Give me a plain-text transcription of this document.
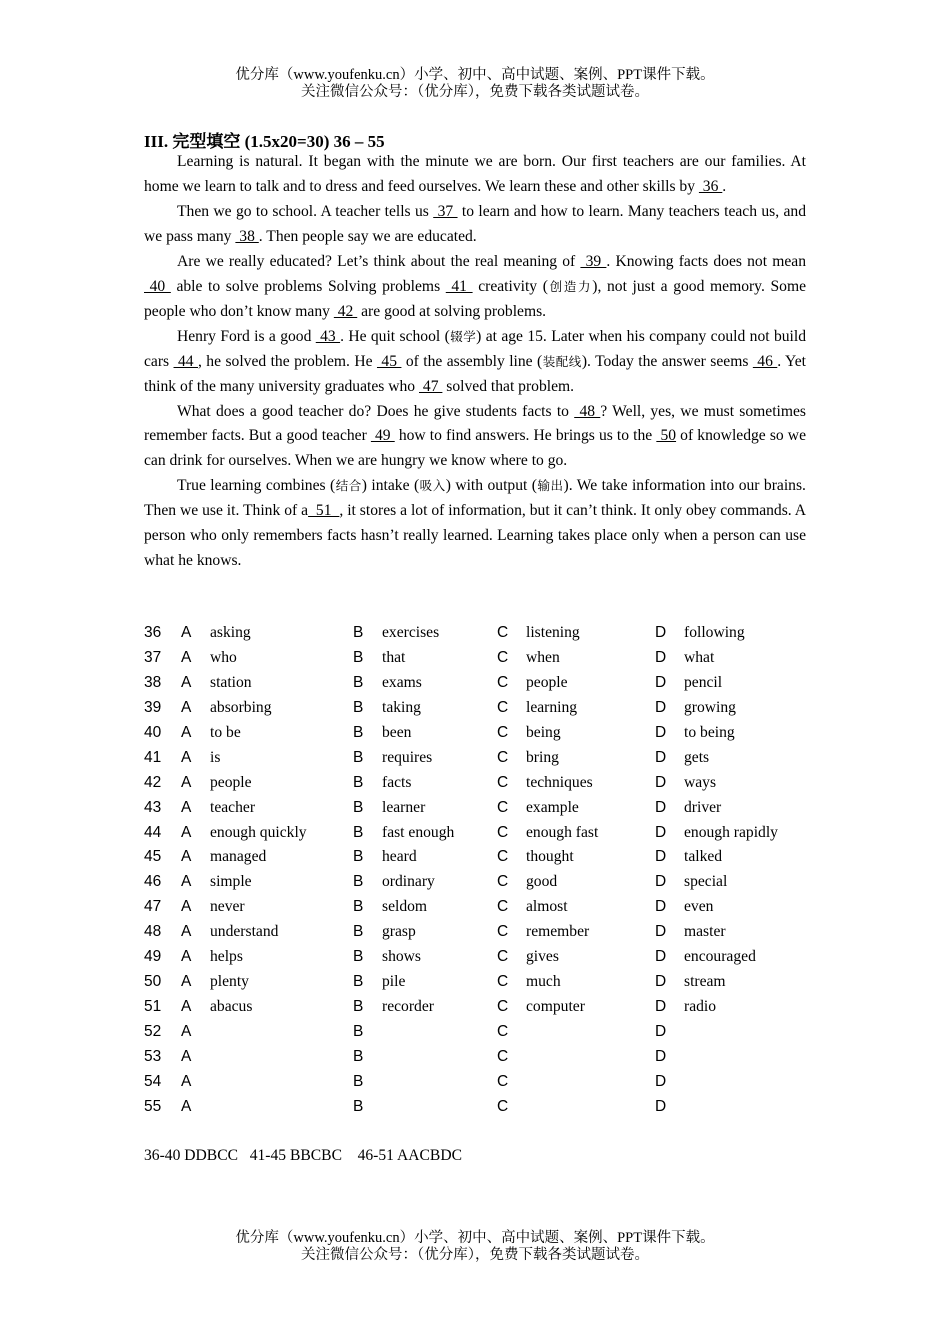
优分库（www.youfenku.cn）小学、初中、高中试题、案例、PPT课件下载。
关注微信公众号：（优分库），免费下载各类试题试卷。
III. 完型填空 (1.5x20=30) 36 – 55

Learning is natural. It began with the minute we are born. Our first teachers are our families. At home we learn to talk and to dress and feed ourselves. We learn these and other skills by  36 .

Then we go to school. A teacher tells us  37  to learn and how to learn. Many teachers teach us, and we pass many  38 . Then people say we are educated.

Are we really educated? Let’s think about the real meaning of  39 . Knowing facts does not mean  40  able to solve problems Solving problems  41  creativity (创造力), not just a good memory. Some people who don’t know many  42  are good at solving problems.

Henry Ford is a good  43 . He quit school (辍学) at age 15. Later when his company could not build cars  44 , he solved the problem. He  45  of the assembly line (装配线). Today the answer seems  46 . Yet think of the many university graduates who  47  solved that problem.

What does a good teacher do? Does he give students facts to  48 ? Well, yes, we must sometimes remember facts. But a good teacher  49  how to find answers. He brings us to the  50 of knowledge so we can drink for ourselves. When we are hungry we know where to go.

True learning combines (结合) intake (吸入) with output (输出). We take information into our brains. Then we use it. Think of a  51  , it stores a lot of information, but it can’t think. It only obey commands. A person who only remembers facts hasn’t really learned. Learning takes place only when a person can use what he knows.

36 A asking	B exercises	C listening	D following
37 A who	B that	C when	D what
38 A station	B exams	C people	D pencil
39 A absorbing	B taking	C learning	D growing
40 A to be	B been	C being	D to being
41 A is	B requires	C bring	D gets
42 A people	B facts	C techniques	D ways
43 A teacher	B learner	C example	D driver
44 A enough quickly	B fast enough	C enough fast	D enough rapidly
45 A managed	B heard	C thought	D talked
46 A simple	B ordinary	C good	D special
47 A never	B seldom	C almost	D even
48 A understand	B grasp	C remember	D master
49 A helps	B shows	C gives	D encouraged
50 A plenty	B pile	C much	D stream
51 A abacus	B recorder	C computer	D radio
52 A	B	C	D
53 A	B	C	D
54 A	B	C	D
55 A	B	C	D
36-40 DDBCC   41-45 BBCBC    46-51 AACBDC
优分库（www.youfenku.cn）小学、初中、高中试题、案例、PPT课件下载。
关注微信公众号：（优分库），免费下载各类试题试卷。
